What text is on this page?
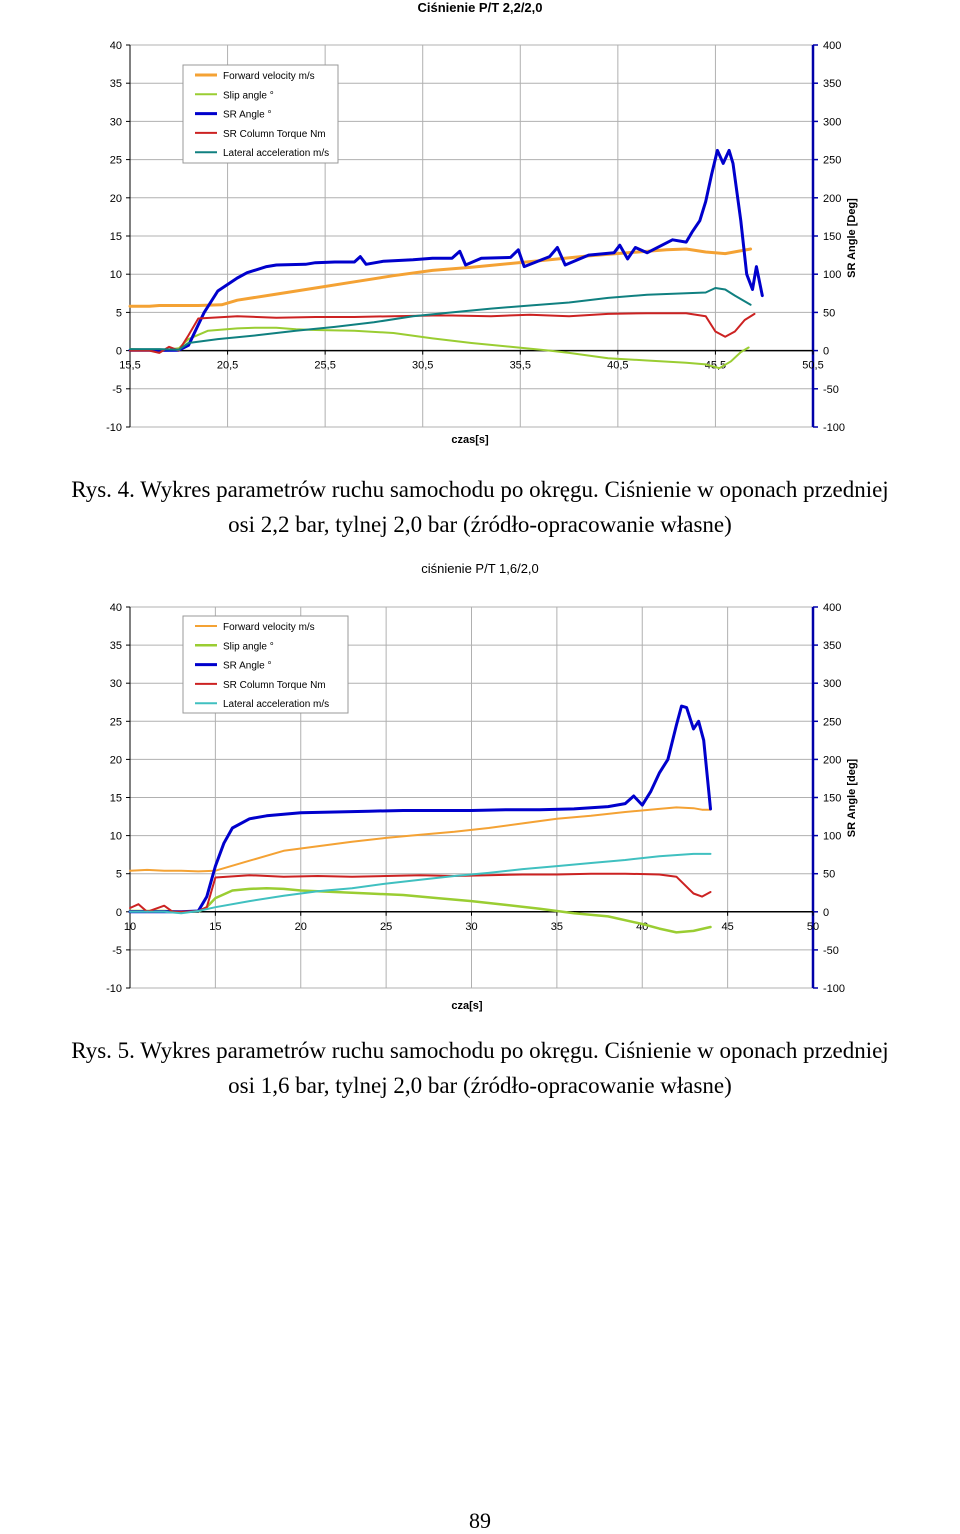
Ciśnienie P/T 2,2/2,0
40	400
35	350
30	300
25	250
20	200
15	150
10	100
5	50
0	0
-5	-50
-10	-100
15,5	20,5	25,5	30,5	35,5	40,5	45,5	50,5
czas[s]
SR Angle [Deg]
Forward velocity m/s
Slip angle °
SR Angle °
SR Column Torque Nm
Lateral acceleration m/s
Rys. 4. Wykres parametrów ruchu samochodu po okręgu. Ciśnienie w oponach przedniej
osi 2,2 bar, tylnej 2,0 bar (źródło-opracowanie własne)
ciśnienie P/T 1,6/2,0
40	400
35	350
30	300
25	250
20	200
15	150
10	100
5	50
0	0
-5	-50
-10	-100
10	15	20	25	30	35	40	45	50
cza[s]
SR Angle [deg]
Forward velocity m/s
Slip angle °
SR Angle °
SR Column Torque Nm
Lateral acceleration m/s
Rys. 5. Wykres parametrów ruchu samochodu po okręgu. Ciśnienie w oponach przedniej
osi 1,6 bar, tylnej 2,0 bar (źródło-opracowanie własne)
89
